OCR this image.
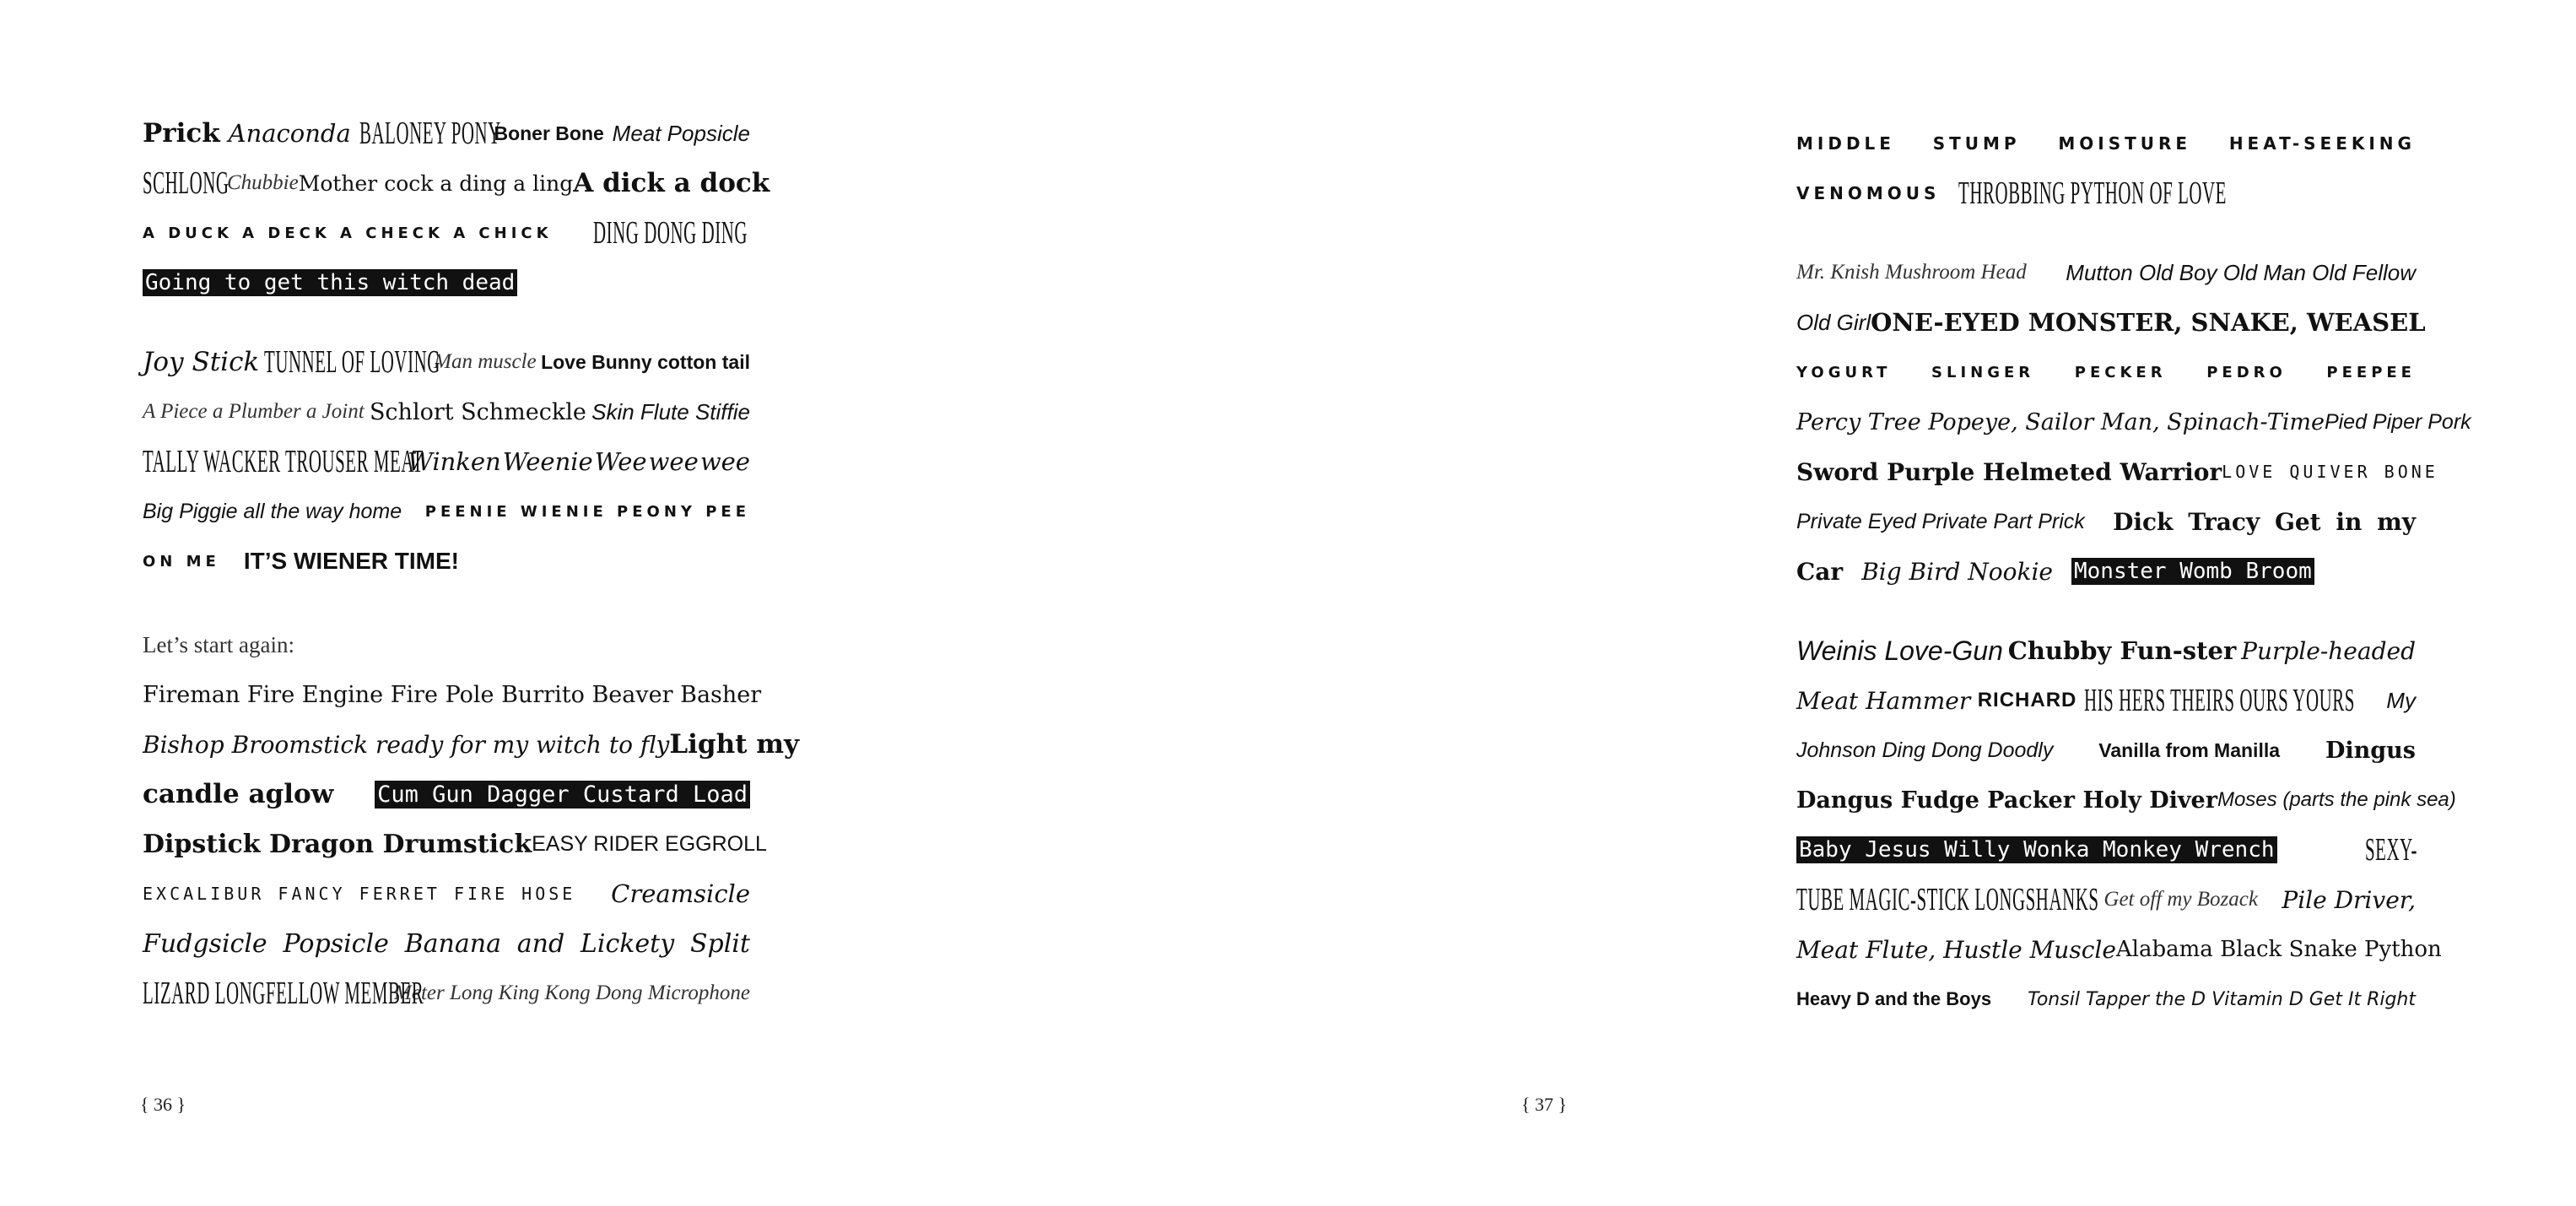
Prick Anaconda BALONEY PONY
Boner Bone Meat Popsicle
SCHLONG
Chubbie Mother cock a ding a ling A dick a dock
A DUCK A DECK A CHECK A CHICK DING DONG DING
Going to get this witch dead
Joy Stick TUNNEL OF LOVING
Man muscle Love Bunny cotton tail
A Piece a Plumber a Joint Schlort Schmeckle Skin Flute Stiffie
TALLY WACKER TROUSER MEAT
Winken Weenie Wee wee wee
Big Piggie all the way home PEENIE WIENIE PEONY PEE
ON ME IT’S WIENER TIME!
Let’s start again:
Fireman Fire Engine Fire Pole Burrito Beaver Basher
Bishop Broomstick ready for my witch to fly Light my
candle aglow Cum Gun Dagger Custard Load
Dipstick Dragon Drumstick EASY RIDER EGGROLL
EXCALIBUR FANCY FERRET FIRE HOSE Creamsicle
Fudgsicle Popsicle Banana and Lickety Split
LIZARD LONGFELLOW MEMBER
Meter Long King Kong Dong Microphone
{ 36 }
MIDDLE STUMP MOISTURE HEAT-SEEKING
VENOMOUS THROBBING PYTHON OF LOVE
Mr. Knish Mushroom Head Mutton Old Boy Old Man Old Fellow
Old Girl ONE-EYED MONSTER, SNAKE, WEASEL
YOGURT	SLINGER	PECKER	PEDRO	PEEPEE
Percy Tree Popeye, Sailor Man, Spinach-Time Pied Piper Pork
Sword Purple Helmeted Warrior LOVE QUIVER BONE
Private Eyed Private Part Prick Dick Tracy Get in my
Car Big Bird Nookie Monster Womb Broom
Weinis Love-Gun Chubby Fun-ster Purple-headed
Meat Hammer RICHARD HIS HERS THEIRS OURS YOURS	My
Johnson Ding Dong Doodly Vanilla from Manilla Dingus
Dangus Fudge Packer Holy Diver Moses (parts the pink sea)
Baby Jesus Willy Wonka Monkey Wrench	SEXY-
TUBE MAGIC-STICK LONGSHANKS Get off my Bozack Pile Driver,
Meat Flute, Hustle Muscle Alabama Black Snake Python
Heavy D and the Boys Tonsil Tapper the D Vitamin D Get It Right
{ 37 }
